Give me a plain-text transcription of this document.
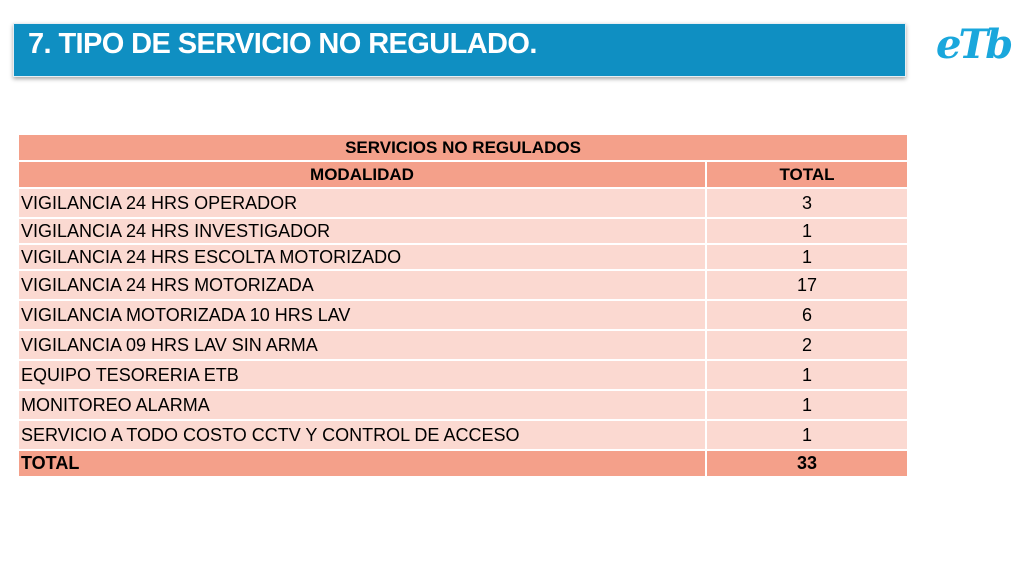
7. TIPO DE SERVICIO NO REGULADO.	eTb
SERVICIOS NO REGULADOS	
MODALIDAD	TOTAL
VIGILANCIA 24 HRS OPERADOR	3
VIGILANCIA 24 HRS INVESTIGADOR	1
VIGILANCIA 24 HRS ESCOLTA MOTORIZADO	1
VIGILANCIA 24 HRS MOTORIZADA	17
VIGILANCIA MOTORIZADA 10 HRS LAV	6
VIGILANCIA 09 HRS LAV SIN ARMA	2
EQUIPO TESORERIA ETB	1
MONITOREO ALARMA	1
SERVICIO A TODO COSTO CCTV Y CONTROL DE ACCESO	1
TOTAL	33
